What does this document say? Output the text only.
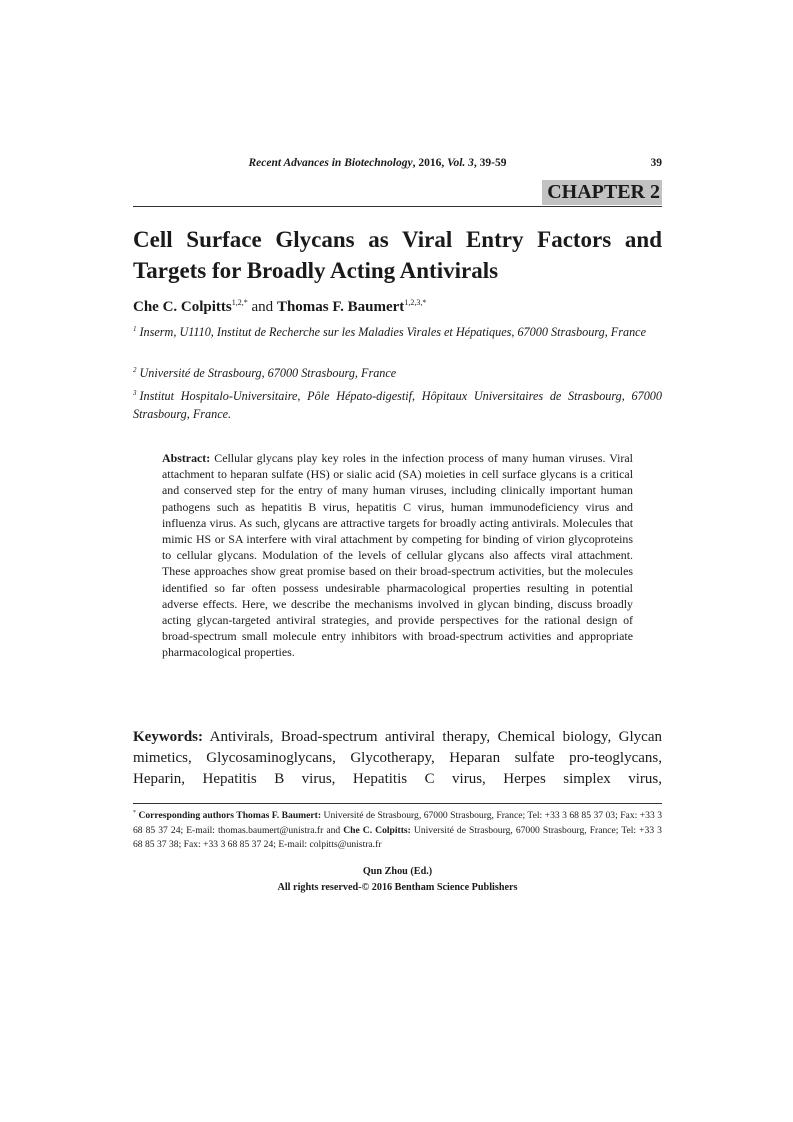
Recent Advances in Biotechnology, 2016, Vol. 3, 39-59	39
CHAPTER 2
Cell Surface Glycans as Viral Entry Factors and Targets for Broadly Acting Antivirals
Che C. Colpitts$^{1,2,*}$ and Thomas F. Baumert$^{1,2,3,*}$
$^1$ Inserm, U1110, Institut de Recherche sur les Maladies Virales et Hépatiques, 67000 Strasbourg, France
$^2$ Université de Strasbourg, 67000 Strasbourg, France
$^3$ Institut Hospitalo-Universitaire, Pôle Hépato-digestif, Hôpitaux Universitaires de Strasbourg, 67000 Strasbourg, France.
Abstract: Cellular glycans play key roles in the infection process of many human viruses. Viral attachment to heparan sulfate (HS) or sialic acid (SA) moieties in cell surface glycans is a critical and conserved step for the entry of many human viruses, including clinically important human pathogens such as hepatitis B virus, hepatitis C virus, human immunodeficiency virus and influenza virus. As such, glycans are attractive targets for broadly acting antivirals. Molecules that mimic HS or SA interfere with viral attachment by competing for binding of virion glycoproteins to cellular glycans. Modulation of the levels of cellular glycans also affects viral attachment. These approaches show great promise based on their broad-spectrum activities, but the molecules identified so far often possess undesirable pharmacological properties resulting in potential adverse effects. Here, we describe the mechanisms involved in glycan binding, discuss broadly acting glycan-targeted antiviral strategies, and provide perspectives for the rational design of broad-spectrum small molecule entry inhibitors with broad-spectrum activities and appropriate pharmacological properties.
Keywords: Antivirals, Broad-spectrum antiviral therapy, Chemical biology, Glycan mimetics, Glycosaminoglycans, Glycotherapy, Heparan sulfate pro-teoglycans, Heparin, Hepatitis B virus, Hepatitis C virus, Herpes simplex virus,
* Corresponding authors Thomas F. Baumert: Université de Strasbourg, 67000 Strasbourg, France; Tel: +33 3 68 85 37 03; Fax: +33 3 68 85 37 24; E-mail: thomas.baumert@unistra.fr and Che C. Colpitts: Université de Strasbourg, 67000 Strasbourg, France; Tel: +33 3 68 85 37 38; Fax: +33 3 68 85 37 24; E-mail: colpitts@unistra.fr
Qun Zhou (Ed.)
All rights reserved-© 2016 Bentham Science Publishers
